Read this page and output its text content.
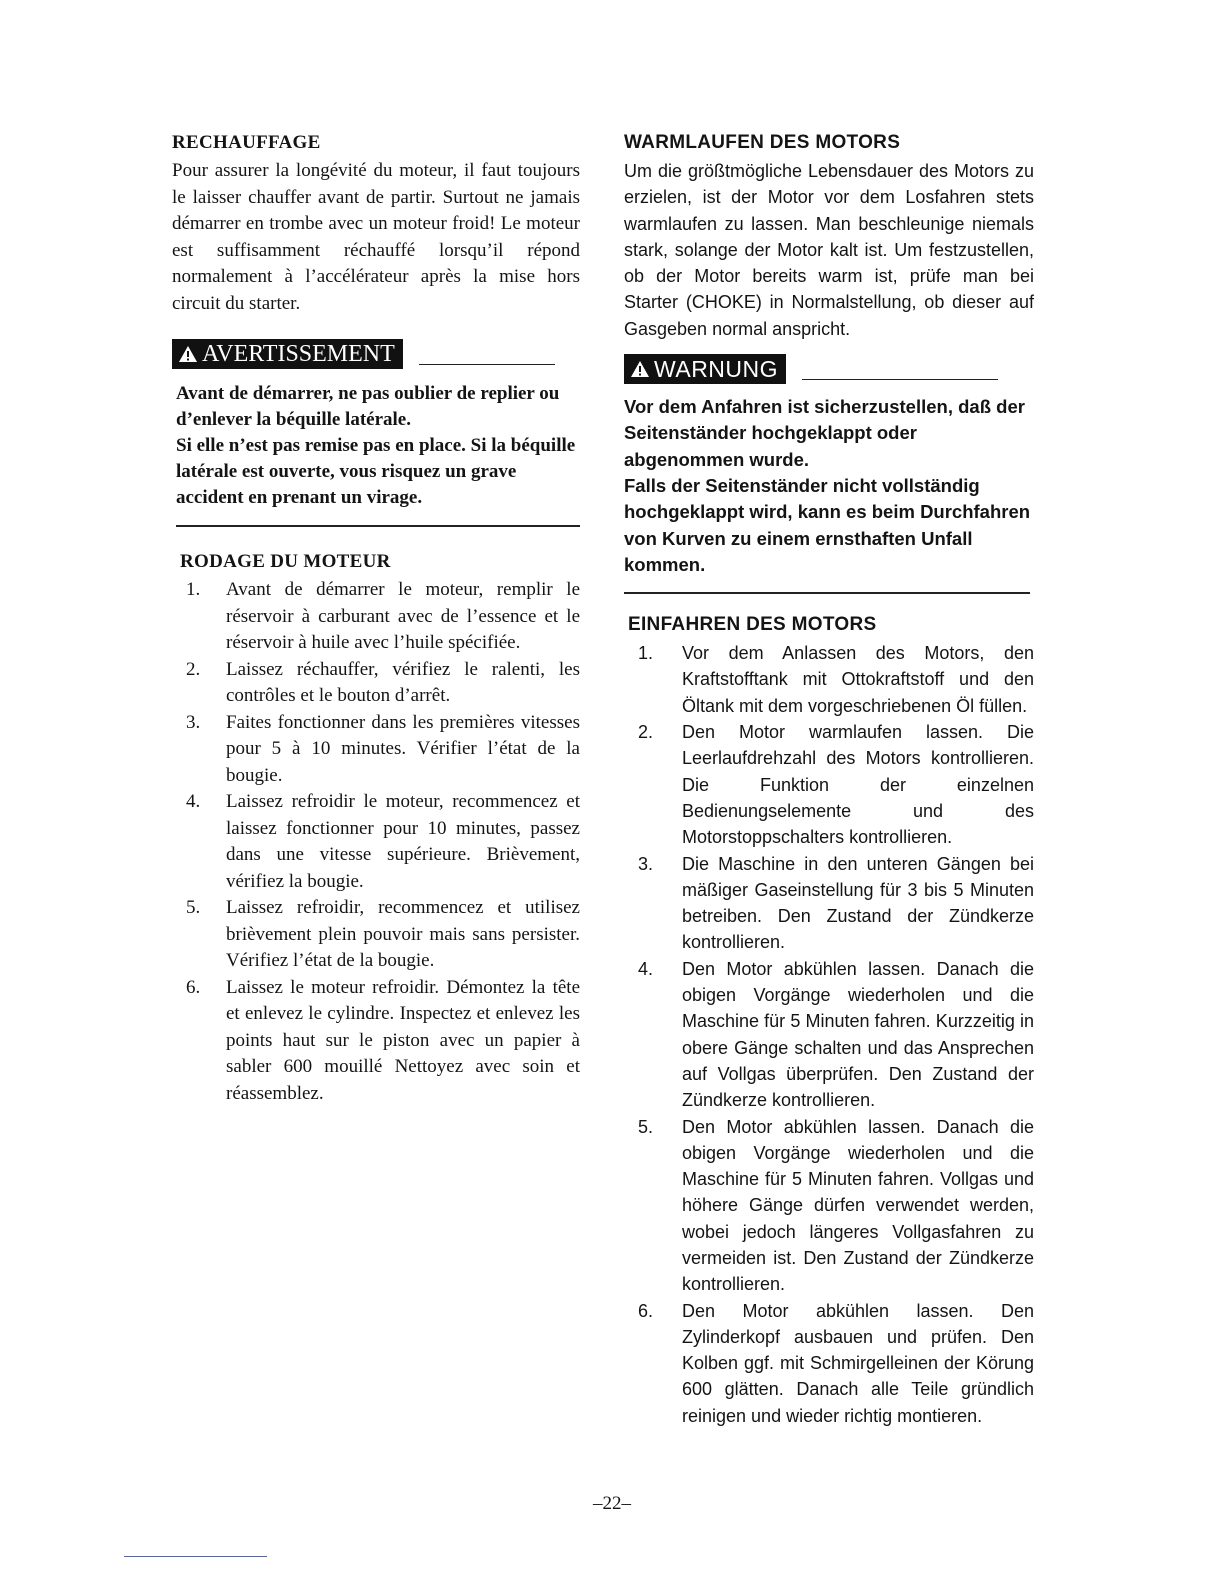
RECHAUFFAGE

Pour assurer la longévité du moteur, il faut toujours le laisser chauffer avant de partir. Surtout ne jamais démarrer en trombe avec un moteur froid! Le moteur est suffisamment réchauffé lorsqu’il répond normalement à l’accélérateur après la mise hors circuit du starter.

AVERTISSEMENT

Avant de démarrer, ne pas oublier de replier ou d’enlever la béquille latérale.

Si elle n’est pas remise pas en place. Si la béquille latérale est ouverte, vous risquez un grave accident en prenant un virage.

RODAGE DU MOTEUR
1.	Avant de démarrer le moteur, remplir le réservoir à carburant avec de l’essence et le réservoir à huile avec l’huile spécifiée.
2.	Laissez réchauffer, vérifiez le ralenti, les contrôles et le bouton d’arrêt.
3.	Faites fonctionner dans les premières vitesses pour 5 à 10 minutes. Vérifier l’état de la bougie.
4.	Laissez refroidir le moteur, recommencez et laissez fonctionner pour 10 minutes, passez dans une vitesse supérieure. Brièvement, vérifiez la bougie.
5.	Laissez refroidir, recommencez et utilisez brièvement plein pouvoir mais sans persister. Vérifiez l’état de la bougie.
6.	Laissez le moteur refroidir. Démontez la tête et enlevez le cylindre. Inspectez et enlevez les points haut sur le piston avec un papier à sabler 600 mouillé Nettoyez avec soin et réassemblez.
WARMLAUFEN DES MOTORS

Um die größtmögliche Lebensdauer des Motors zu erzielen, ist der Motor vor dem Losfahren stets warmlaufen zu lassen. Man beschleunige niemals stark, solange der Motor kalt ist. Um festzustellen, ob der Motor bereits warm ist, prüfe man bei Starter (CHOKE) in Normalstellung, ob dieser auf Gasgeben normal anspricht.

WARNUNG

Vor dem Anfahren ist sicherzustellen, daß der Seitenständer hochgeklappt oder abgenommen wurde.

Falls der Seitenständer nicht vollständig hochgeklappt wird, kann es beim Durchfahren von Kurven zu einem ernsthaften Unfall kommen.

EINFAHREN DES MOTORS
1.	Vor dem Anlassen des Motors, den Kraftstofftank mit Ottokraftstoff und den Öltank mit dem vorgeschriebenen Öl füllen.
2.	Den Motor warmlaufen lassen. Die Leerlaufdrehzahl des Motors kontrollieren. Die Funktion der einzelnen Bedienungselemente und des Motorstoppschalters kontrollieren.
3.	Die Maschine in den unteren Gängen bei mäßiger Gaseinstellung für 3 bis 5 Minuten betreiben. Den Zustand der Zündkerze kontrollieren.
4.	Den Motor abkühlen lassen. Danach die obigen Vorgänge wiederholen und die Maschine für 5 Minuten fahren. Kurzzeitig in obere Gänge schalten und das Ansprechen auf Vollgas überprüfen. Den Zustand der Zündkerze kontrollieren.
5.	Den Motor abkühlen lassen. Danach die obigen Vorgänge wiederholen und die Maschine für 5 Minuten fahren. Vollgas und höhere Gänge dürfen verwendet werden, wobei jedoch längeres Vollgasfahren zu vermeiden ist. Den Zustand der Zündkerze kontrollieren.
6.	Den Motor abkühlen lassen. Den Zylinderkopf ausbauen und prüfen. Den Kolben ggf. mit Schmirgelleinen der Körung 600 glätten. Danach alle Teile gründlich reinigen und wieder richtig montieren.

–22–
